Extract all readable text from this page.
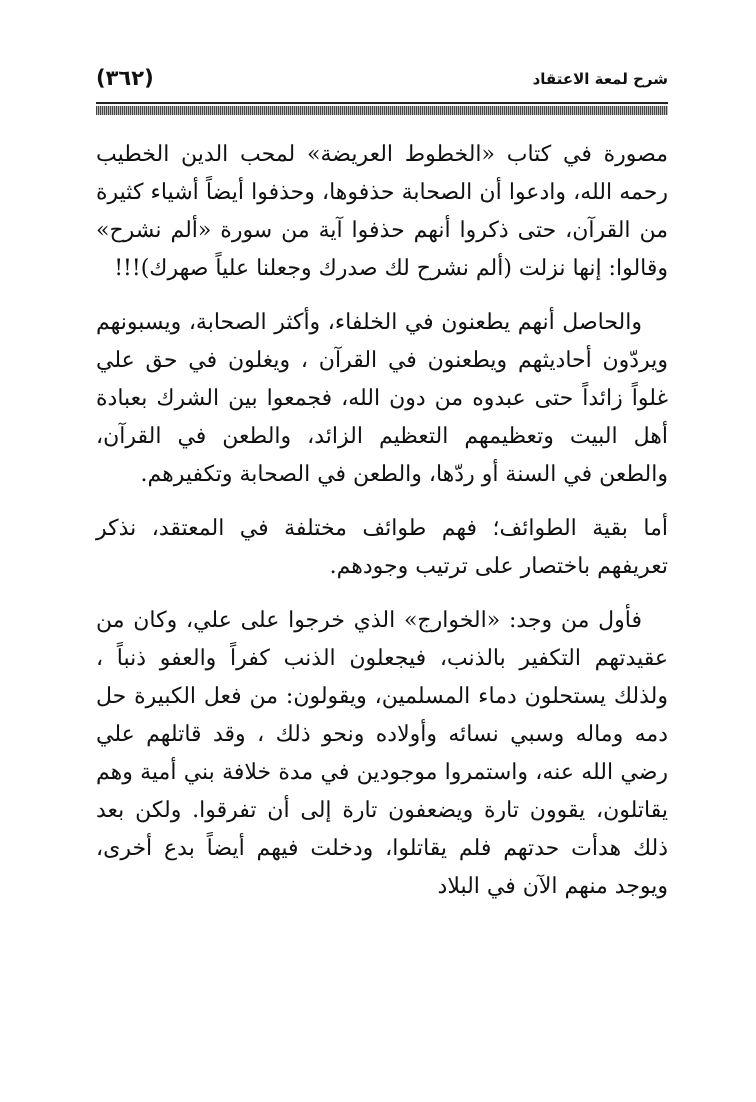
شرح لمعة الاعتقاد
(٣٦٢)

مصورة في كتاب «الخطوط العريضة» لمحب الدين الخطيب رحمه الله، وادعوا أن الصحابة حذفوها، وحذفوا أيضاً أشياء كثيرة من القرآن، حتى ذكروا أنهم حذفوا آية من سورة «ألم نشرح» وقالوا: إنها نزلت (ألم نشرح لك صدرك وجعلنا علياً صهرك)!!!

والحاصل أنهم يطعنون في الخلفاء، وأكثر الصحابة، ويسبونهم ويردّون أحاديثهم ويطعنون في القرآن ، ويغلون في حق علي غلواً زائداً حتى عبدوه من دون الله، فجمعوا بين الشرك بعبادة أهل البيت وتعظيمهم التعظيم الزائد، والطعن في القرآن، والطعن في السنة أو ردّها، والطعن في الصحابة وتكفيرهم.

أما بقية الطوائف؛ فهم طوائف مختلفة في المعتقد، نذكر تعريفهم باختصار على ترتيب وجودهم.

فأول من وجد: «الخوارج» الذي خرجوا على علي، وكان من عقيدتهم التكفير بالذنب، فيجعلون الذنب كفراً والعفو ذنباً ، ولذلك يستحلون دماء المسلمين، ويقولون: من فعل الكبيرة حل دمه وماله وسبي نسائه وأولاده ونحو ذلك ، وقد قاتلهم علي رضي الله عنه، واستمروا موجودين في مدة خلافة بني أمية وهم يقاتلون، يقوون تارة ويضعفون تارة إلى أن تفرقوا. ولكن بعد ذلك هدأت حدتهم فلم يقاتلوا، ودخلت فيهم أيضاً بدع أخرى، ويوجد منهم الآن في البلاد
